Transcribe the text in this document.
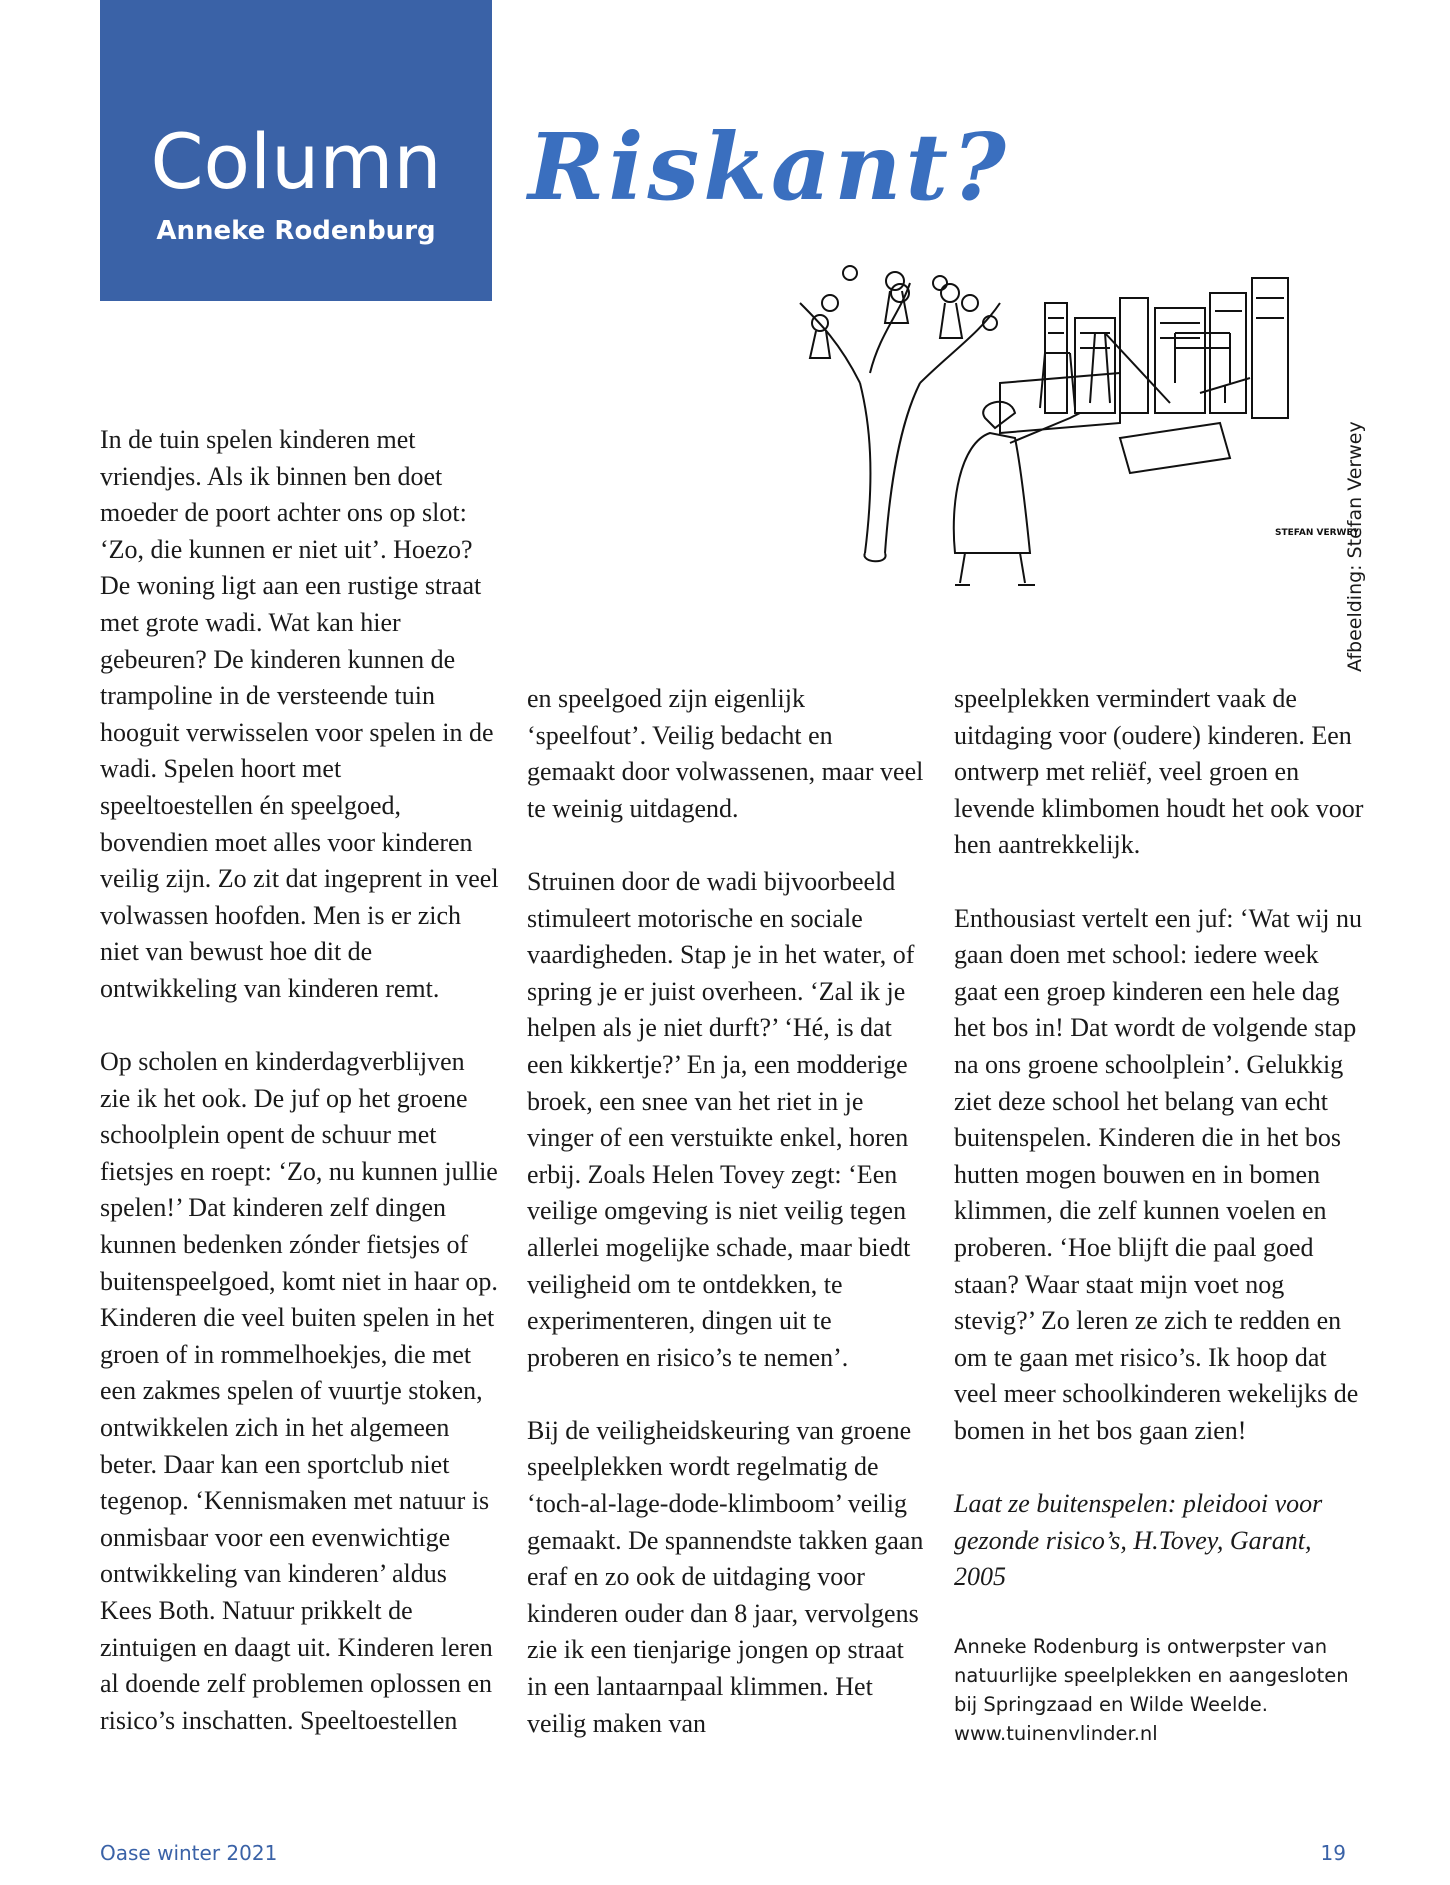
Column
Anneke Rodenburg
Riskant?
STEFAN VERWEY
Afbeelding: Stefan Verwey

In de tuin spelen kinderen met vriendjes. Als ik binnen ben doet moeder de poort achter ons op slot: ‘Zo, die kunnen er niet uit’. Hoezo? De woning ligt aan een rustige straat met grote wadi. Wat kan hier gebeuren? De kinderen kunnen de trampoline in de versteende tuin hooguit verwisselen voor spelen in de wadi. Spelen hoort met speeltoestellen én speelgoed, bovendien moet alles voor kinderen veilig zijn. Zo zit dat ingeprent in veel volwassen hoofden. Men is er zich niet van bewust hoe dit de ontwikkeling van kinderen remt.

Op scholen en kinderdagverblijven zie ik het ook. De juf op het groene schoolplein opent de schuur met fietsjes en roept: ‘Zo, nu kunnen jullie spelen!’ Dat kinderen zelf dingen kunnen bedenken zónder fietsjes of buitenspeelgoed, komt niet in haar op. Kinderen die veel buiten spelen in het groen of in rommelhoekjes, die met een zakmes spelen of vuurtje stoken, ontwikkelen zich in het algemeen beter. Daar kan een sportclub niet tegenop. ‘Kennismaken met natuur is onmisbaar voor een evenwichtige ontwikkeling van kinderen’ aldus Kees Both. Natuur prikkelt de zintuigen en daagt uit. Kinderen leren al doende zelf problemen oplossen en risico’s inschatten. Speeltoestellen

en speelgoed zijn eigenlijk ‘speelfout’. Veilig bedacht en gemaakt door volwassenen, maar veel te weinig uitdagend.

Struinen door de wadi bijvoorbeeld stimuleert motorische en sociale vaardigheden. Stap je in het water, of spring je er juist overheen. ‘Zal ik je helpen als je niet durft?’ ‘Hé, is dat een kikkertje?’ En ja, een modderige broek, een snee van het riet in je vinger of een verstuikte enkel, horen erbij. Zoals Helen Tovey zegt: ‘Een veilige omgeving is niet veilig tegen allerlei mogelijke schade, maar biedt veiligheid om te ontdekken, te experimenteren, dingen uit te proberen en risico’s te nemen’.

Bij de veiligheidskeuring van groene speelplekken wordt regelmatig de ‘toch-al-lage-dode-klimboom’ veilig gemaakt. De spannendste takken gaan eraf en zo ook de uitdaging voor kinderen ouder dan 8 jaar, vervolgens zie ik een tienjarige jongen op straat in een lantaarnpaal klimmen. Het veilig maken van

speelplekken vermindert vaak de uitdaging voor (oudere) kinderen. Een ontwerp met reliëf, veel groen en levende klimbomen houdt het ook voor hen aantrekkelijk.

Enthousiast vertelt een juf: ‘Wat wij nu gaan doen met school: iedere week gaat een groep kinderen een hele dag het bos in! Dat wordt de volgende stap na ons groene schoolplein’. Gelukkig ziet deze school het belang van echt buitenspelen. Kinderen die in het bos hutten mogen bouwen en in bomen klimmen, die zelf kunnen voelen en proberen. ‘Hoe blijft die paal goed staan? Waar staat mijn voet nog stevig?’ Zo leren ze zich te redden en om te gaan met risico’s. Ik hoop dat veel meer schoolkinderen wekelijks de bomen in het bos gaan zien!

Laat ze buitenspelen: pleidooi voor gezonde risico’s, H.Tovey, Garant, 2005

Anneke Rodenburg is ontwerpster van natuurlijke speelplekken en aangesloten bij Springzaad en Wilde Weelde.
www.tuinenvlinder.nl
Oase winter 2021	19
